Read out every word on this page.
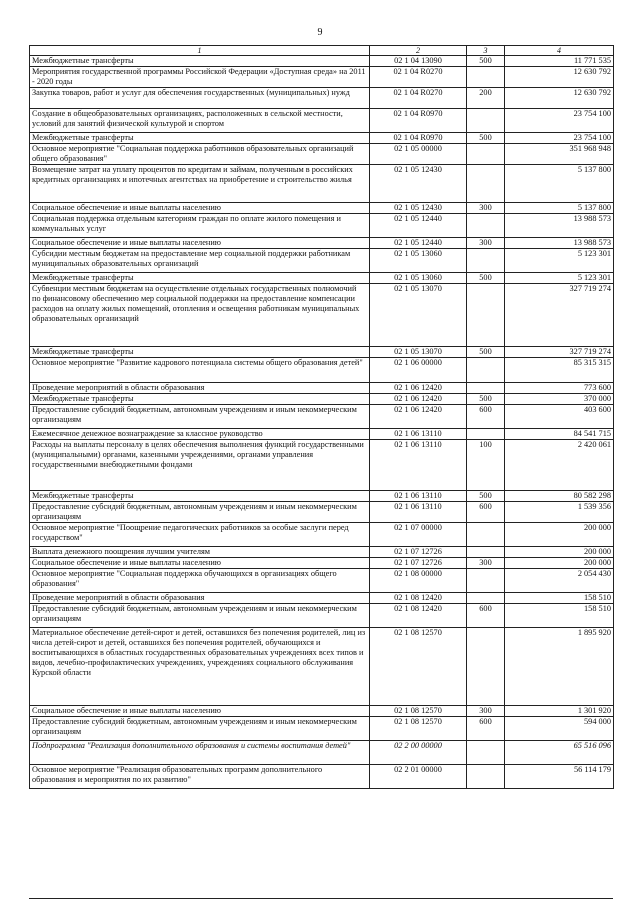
9
1	2	3	4
Межбюджетные трансферты	02 1 04 13090	500	11 771 535
Мероприятия государственной программы Российской Федерации «Доступная среда» на 2011 - 2020 годы	02 1 04 R0270		12 630 792
Закупка товаров, работ и услуг для обеспечения государственных (муниципальных) нужд	02 1 04 R0270	200	12 630 792
Создание в общеобразовательных организациях, расположенных в сельской местности, условий для занятий физической культурой и спортом	02 1 04 R0970		23 754 100
Межбюджетные трансферты	02 1 04 R0970	500	23 754 100
Основное мероприятие "Социальная поддержка работников образовательных организаций общего образования"	02 1 05 00000		351 968 948
Возмещение затрат на уплату процентов по кредитам и займам, полученным в российских кредитных организациях и ипотечных агентствах на приобретение и строительство жилья	02 1 05 12430		5 137 800
Социальное обеспечение и иные выплаты населению	02 1 05 12430	300	5 137 800
Социальная поддержка отдельным категориям граждан по оплате жилого помещения и коммунальных услуг	02 1 05 12440		13 988 573
Социальное обеспечение и иные выплаты населению	02 1 05 12440	300	13 988 573
Субсидии местным бюджетам на предоставление мер социальной поддержки работникам муниципальных образовательных организаций	02 1 05 13060		5 123 301
Межбюджетные трансферты	02 1 05 13060	500	5 123 301
Субвенции местным бюджетам на осуществление отдельных государственных полномочий по финансовому обеспечению мер социальной поддержки на предоставление компенсации расходов на оплату жилых помещений, отопления и освещения работникам муниципальных образовательных организаций	02 1 05 13070		327 719 274
Межбюджетные трансферты	02 1 05 13070	500	327 719 274
Основное мероприятие "Развитие кадрового потенциала системы общего образования детей"	02 1 06 00000		85 315 315
Проведение мероприятий в области образования	02 1 06 12420		773 600
Межбюджетные трансферты	02 1 06 12420	500	370 000
Предоставление субсидий бюджетным, автономным учреждениям и иным некоммерческим организациям	02 1 06 12420	600	403 600
Ежемесячное денежное вознаграждение за классное руководство	02 1 06 13110		84 541 715
Расходы на выплаты персоналу в целях обеспечения выполнения функций государственными (муниципальными) органами, казенными учреждениями, органами управления государственными внебюджетными фондами	02 1 06 13110	100	2 420 061
Межбюджетные трансферты	02 1 06 13110	500	80 582 298
Предоставление субсидий бюджетным, автономным учреждениям и иным некоммерческим организациям	02 1 06 13110	600	1 539 356
Основное мероприятие "Поощрение педагогических работников за особые заслуги перед государством"	02 1 07 00000		200 000
Выплата денежного поощрения лучшим учителям	02 1 07 12726		200 000
Социальное обеспечение и иные выплаты населению	02 1 07 12726	300	200 000
Основное мероприятие "Социальная поддержка обучающихся в организациях общего образования"	02 1 08 00000		2 054 430
Проведение мероприятий в области образования	02 1 08 12420		158 510
Предоставление субсидий бюджетным, автономным учреждениям и иным некоммерческим организациям	02 1 08 12420	600	158 510
Материальное обеспечение детей-сирот и детей, оставшихся без попечения родителей, лиц из числа детей-сирот и детей, оставшихся без попечения родителей, обучающихся и воспитывающихся в областных государственных образовательных учреждениях всех типов и видов, лечебно-профилактических учреждениях, учреждениях социального обслуживания Курской области	02 1 08 12570		1 895 920
Социальное обеспечение и иные выплаты населению	02 1 08 12570	300	1 301 920
Предоставление субсидий бюджетным, автономным учреждениям и иным некоммерческим организациям	02 1 08 12570	600	594 000
Подпрограмма "Реализация дополнительного образования и системы воспитания детей"	02 2 00 00000		65 516 096
Основное мероприятие "Реализация образовательных программ дополнительного образования и мероприятия по их развитию"	02 2 01 00000		56 114 179
